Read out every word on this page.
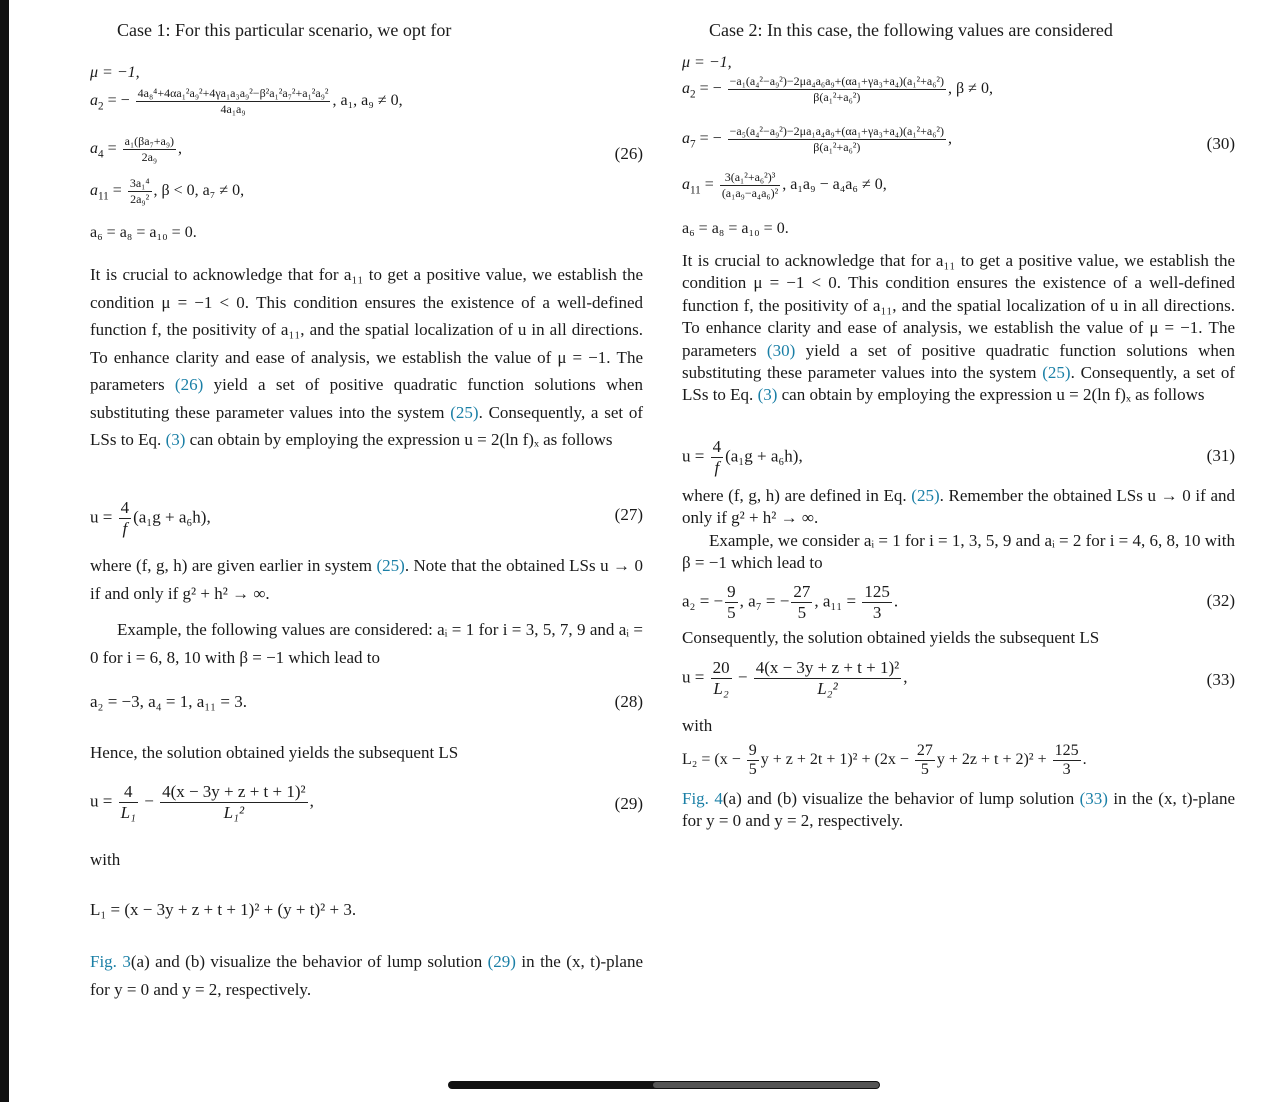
Case 1: For this particular scenario, we opt for
μ = −1,
$a_2$ = − $\frac{\text{4a₈⁴+4αa₁²a₉²+4γa₁a₃a₉²−β²a₁²a₇²+a₁²a₉²}}{\text{4a₁a₉}}$ , a₁, a₉ ≠ 0,
$a_4 = \frac{\text{a₁(βa₇+a₉)}}{\text{2a₉}}$ ,	(26)
$a_{11} = \frac{\text{3a₁⁴}}{\text{2a₉²}}$ , β < 0, a₇ ≠ 0,
a₆ = a₈ = a₁₀ = 0.

It is crucial to acknowledge that for a₁₁ to get a positive value, we establish the condition μ = −1 < 0. This condition ensures the existence of a well-defined function f, the positivity of a₁₁, and the spatial localization of u in all directions. To enhance clarity and ease of analysis, we establish the value of μ = −1. The parameters (26) yield a set of positive quadratic function solutions when substituting these parameter values into the system (25). Consequently, a set of LSs to Eq. (3) can obtain by employing the expression u = 2(ln f)ₓ as follows

$u = \frac{4}{f} (a_1g + a_6h)$,	(27)

where (f, g, h) are given earlier in system (25). Note that the obtained LSs u → 0 if and only if g² + h² → ∞.

Example, the following values are considered: aᵢ = 1 for i = 3, 5, 7, 9 and aᵢ = 0 for i = 6, 8, 10 with β = −1 which lead to

a₂ = −3, a₄ = 1, a₁₁ = 3.	(28)

Hence, the solution obtained yields the subsequent LS

$u = \frac{4}{\text{L₁}} - \frac{\text{4(x − 3y + z + t + 1)²}}{\text{L₁²}}$ ,	(29)
with
L₁ = (x − 3y + z + t + 1)² + (y + t)² + 3.

Fig. 3(a) and (b) visualize the behavior of lump solution (29) in the (x, t)-plane for y = 0 and y = 2, respectively.

Case 2: In this case, the following values are considered
μ = −1,
$a_2$ = − $\frac{\text{−a₁(a₄²−a₉²)−2μa₄a₆a₉+(αa₁+γa₃+a₄)(a₁²+a₆²)}}{\text{β(a₁²+a₆²)}}$ , β ≠ 0,
$a_7$ = − $\frac{\text{−a₅(a₄²−a₉²)−2μa₁a₄a₉+(αa₁+γa₃+a₄)(a₁²+a₆²)}}{\text{β(a₁²+a₆²)}}$ ,	(30)
$a_{11} = \frac{\text{3(a₁²+a₆²)³}}{\text{(a₁a₉−a₄a₆)²}}$ , a₁a₉ − a₄a₆ ≠ 0,
a₆ = a₈ = a₁₀ = 0.

It is crucial to acknowledge that for a₁₁ to get a positive value, we establish the condition μ = −1 < 0. This condition ensures the existence of a well-defined function f, the positivity of a₁₁, and the spatial localization of u in all directions. To enhance clarity and ease of analysis, we establish the value of μ = −1. The parameters (30) yield a set of positive quadratic function solutions when substituting these parameter values into the system (25). Consequently, a set of LSs to Eq. (3) can obtain by employing the expression u = 2(ln f)ₓ as follows

$u = \frac{4}{f} (a_1g + a_6h)$,	(31)

where (f, g, h) are defined in Eq. (25). Remember the obtained LSs u → 0 if and only if g² + h² → ∞.

Example, we consider aᵢ = 1 for i = 1, 3, 5, 9 and aᵢ = 2 for i = 4, 6, 8, 10 with β = −1 which lead to

a₂ = − $\frac{9}{5}$ , a₇ = − $\frac{27}{5}$ , $a_{11} = \frac{125}{3}$ .	(32)

Consequently, the solution obtained yields the subsequent LS

$u = \frac{20}{\text{L₂}} - \frac{\text{4(x − 3y + z + t + 1)²}}{\text{L₂²}}$ ,	(33)
with
$L_2 = (x - \frac{9}{5}$ $y + z + 2t + 1)^2 + (2x - \frac{27}{5}$ $y + 2z + t + 2)^2 + \frac{125}{3}$ .

Fig. 4(a) and (b) visualize the behavior of lump solution (33) in the (x, t)-plane for y = 0 and y = 2, respectively.
